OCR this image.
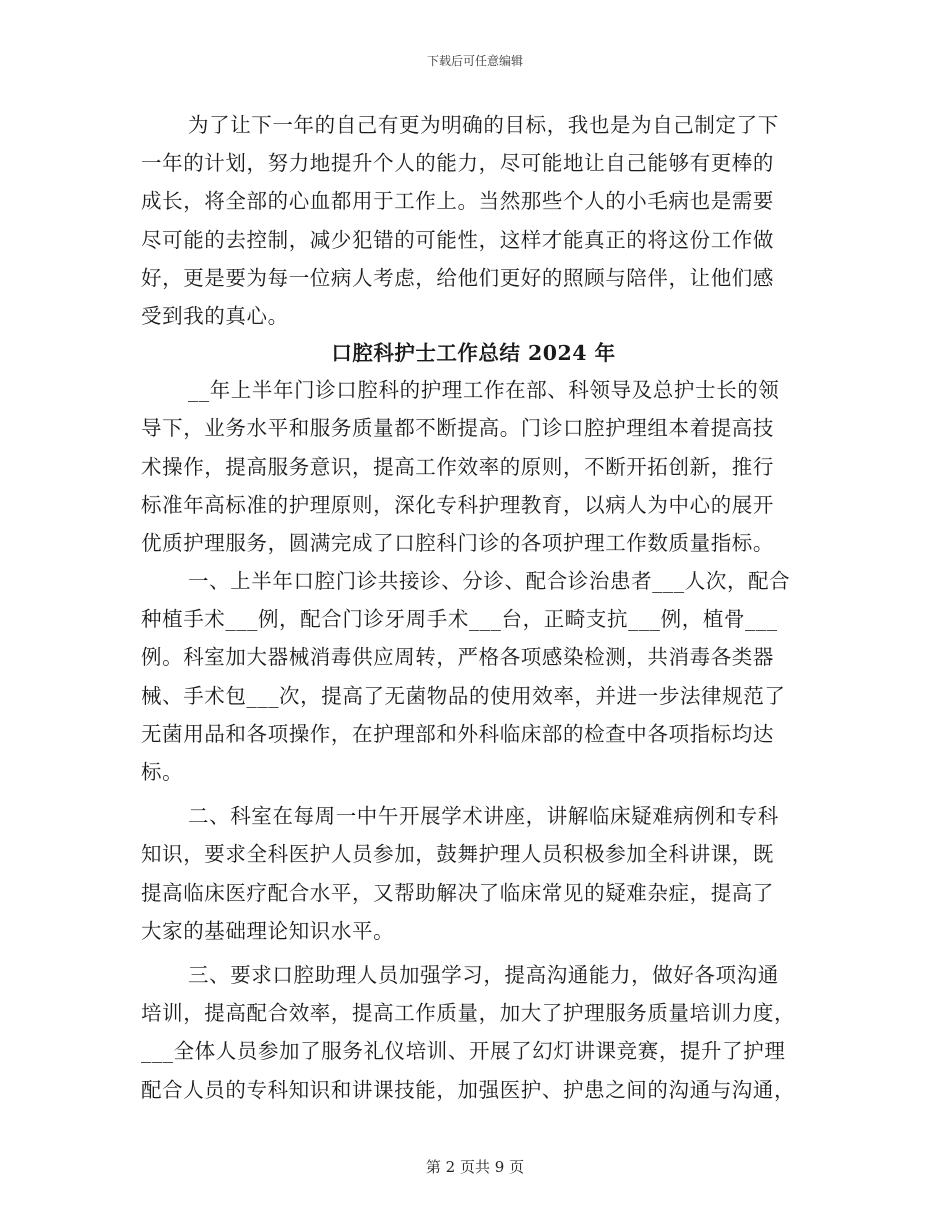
下载后可任意编辑
为了让下一年的自己有更为明确的目标，我也是为自己制定了下
一年的计划，努力地提升个人的能力，尽可能地让自己能够有更棒的
成长，将全部的心血都用于工作上。当然那些个人的小毛病也是需要
尽可能的去控制，减少犯错的可能性，这样才能真正的将这份工作做
好，更是要为每一位病人考虑，给他们更好的照顾与陪伴，让他们感
受到我的真心。
口腔科护士工作总结 2024 年
__年上半年门诊口腔科的护理工作在部、科领导及总护士长的领
导下，业务水平和服务质量都不断提高。门诊口腔护理组本着提高技
术操作，提高服务意识，提高工作效率的原则，不断开拓创新，推行
标准年高标准的护理原则，深化专科护理教育，以病人为中心的展开
优质护理服务，圆满完成了口腔科门诊的各项护理工作数质量指标。
一、上半年口腔门诊共接诊、分诊、配合诊治患者___人次，配合
种植手术___例，配合门诊牙周手术___台，正畸支抗___例，植骨___
例。科室加大器械消毒供应周转，严格各项感染检测，共消毒各类器
械、手术包___次，提高了无菌物品的使用效率，并进一步法律规范了
无菌用品和各项操作，在护理部和外科临床部的检查中各项指标均达
标。
二、科室在每周一中午开展学术讲座，讲解临床疑难病例和专科
知识，要求全科医护人员参加，鼓舞护理人员积极参加全科讲课，既
提高临床医疗配合水平，又帮助解决了临床常见的疑难杂症，提高了
大家的基础理论知识水平。
三、要求口腔助理人员加强学习，提高沟通能力，做好各项沟通
培训，提高配合效率，提高工作质量，加大了护理服务质量培训力度，
___全体人员参加了服务礼仪培训、开展了幻灯讲课竞赛，提升了护理
配合人员的专科知识和讲课技能，加强医护、护患之间的沟通与沟通，
第 2 页共 9 页
